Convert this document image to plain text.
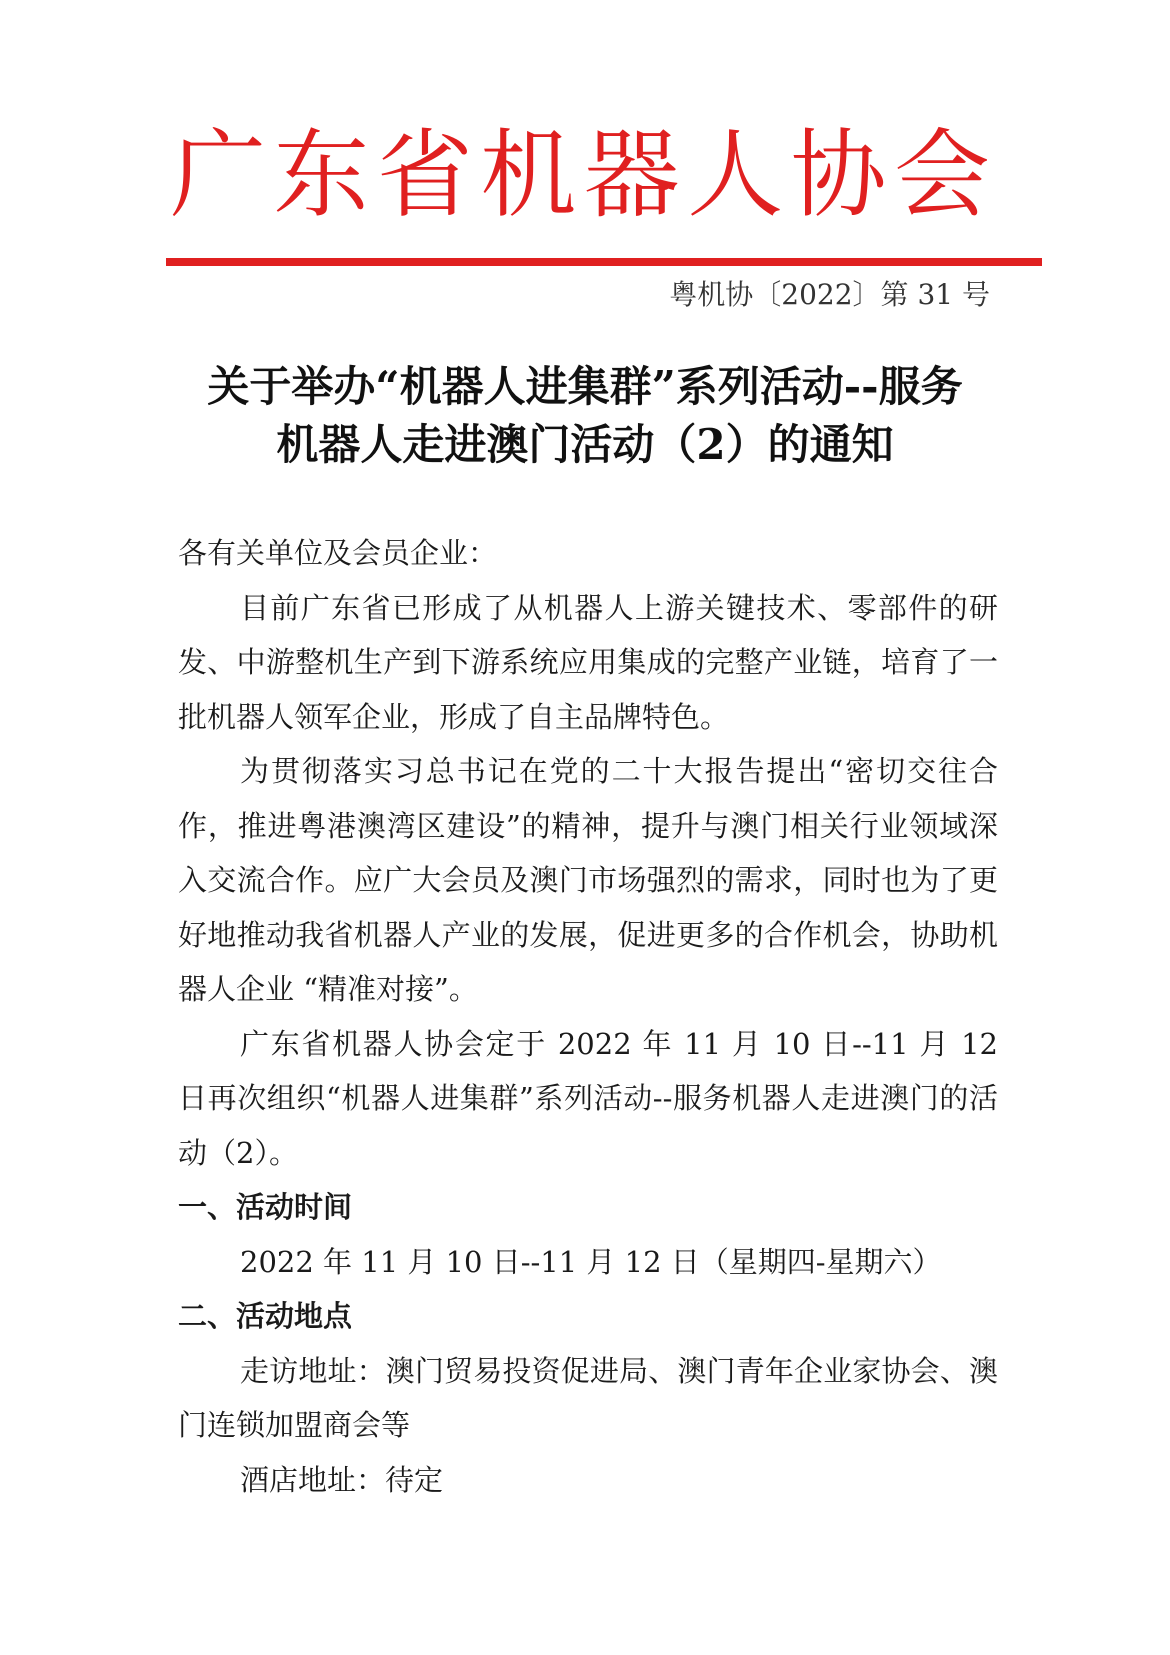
广 东 省 机 器 人 协 会
粤机协〔2022〕第 31 号
关于举办“机器人进集群”系列活动--服务
机器人走进澳门活动（2）的通知

各有关单位及会员企业：

目前广东省已形成了从机器人上游关键技术、零部件的研发、中游整机生产到下游系统应用集成的完整产业链，培育了一批机器人领军企业，形成了自主品牌特色。

为贯彻落实习总书记在党的二十大报告提出“密切交往合作，推进粤港澳湾区建设”的精神，提升与澳门相关行业领域深入交流合作。应广大会员及澳门市场强烈的需求，同时也为了更好地推动我省机器人产业的发展，促进更多的合作机会，协助机器人企业 “精准对接”。

广东省机器人协会定于 2022 年 11 月 10 日--11 月 12 日再次组织“机器人进集群”系列活动--服务机器人走进澳门的活动（2）。

一、活动时间

2022 年 11 月 10 日--11 月 12 日（星期四-星期六）

二、活动地点

走访地址：澳门贸易投资促进局、澳门青年企业家协会、澳门连锁加盟商会等

酒店地址：待定
